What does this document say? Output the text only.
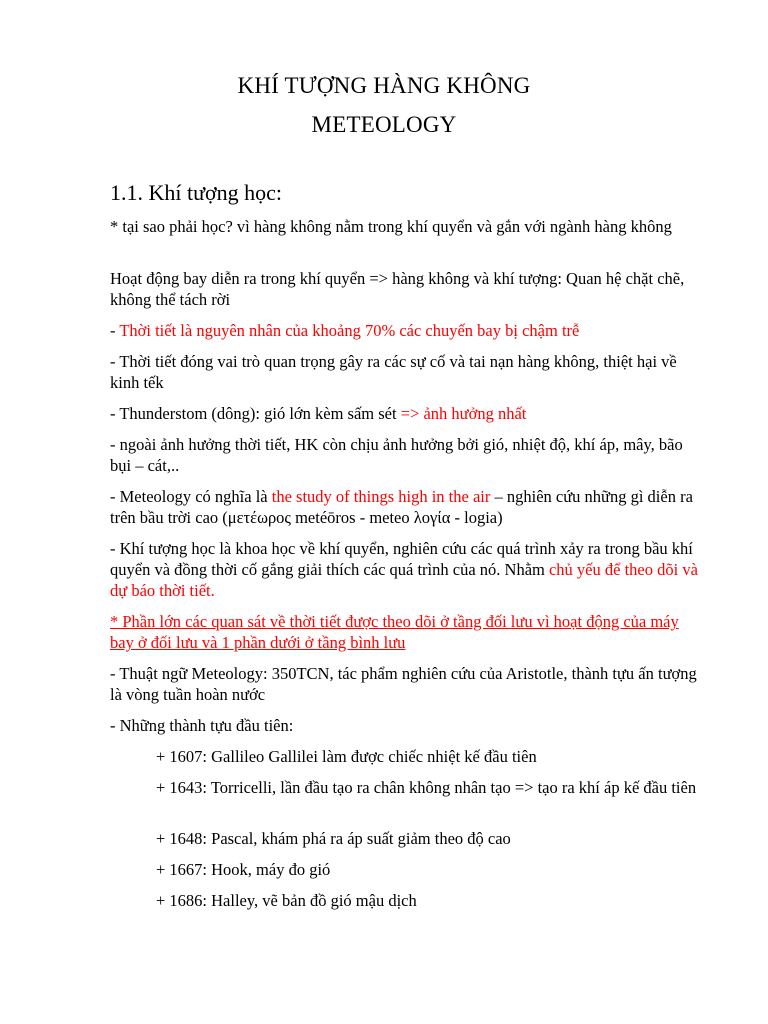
KHÍ TƯỢNG HÀNG KHÔNG
METEOLOGY
1.1. Khí tượng học:
* tại sao phải học? vì hàng không nằm trong khí quyển và gắn với ngành hàng không
Hoạt động bay diễn ra trong khí quyển => hàng không và khí tượng: Quan hệ chặt chẽ, không thể tách rời
- Thời tiết là nguyên nhân của khoảng 70% các chuyến bay bị chậm trễ
- Thời tiết đóng vai trò quan trọng gây ra các sự cố và tai nạn hàng không, thiệt hại về kinh tếk
- Thunderstom (dông): gió lớn kèm sấm sét => ảnh hưởng nhất
- ngoài ảnh hưởng thời tiết, HK còn chịu ảnh hưởng bởi gió, nhiệt độ, khí áp, mây, bão bụi – cát,..
- Meteology có nghĩa là the study of things high in the air – nghiên cứu những gì diễn ra trên bầu trời cao (μετέωρος metéōros - meteo λογία - logia)
- Khí tượng học là khoa học về khí quyển, nghiên cứu các quá trình xảy ra trong bầu khí quyển và đồng thời cố gắng giải thích các quá trình của nó. Nhằm chủ yếu để theo dõi và dự báo thời tiết.
* Phần lớn các quan sát về thời tiết được theo dõi ở tầng đối lưu vì hoạt động của máy bay ở đối lưu và 1 phần dưới ở tầng bình lưu
- Thuật ngữ Meteology: 350TCN, tác phẩm nghiên cứu của Aristotle, thành tựu ấn tượng là vòng tuần hoàn nước
- Những thành tựu đầu tiên:
+ 1607: Gallileo Gallilei làm được chiếc nhiệt kế đầu tiên
+ 1643: Torricelli, lần đầu tạo ra chân không nhân tạo => tạo ra khí áp kế đầu tiên
+ 1648: Pascal, khám phá ra áp suất giảm theo độ cao
+ 1667: Hook, máy đo gió
+ 1686: Halley, vẽ bản đồ gió mậu dịch
